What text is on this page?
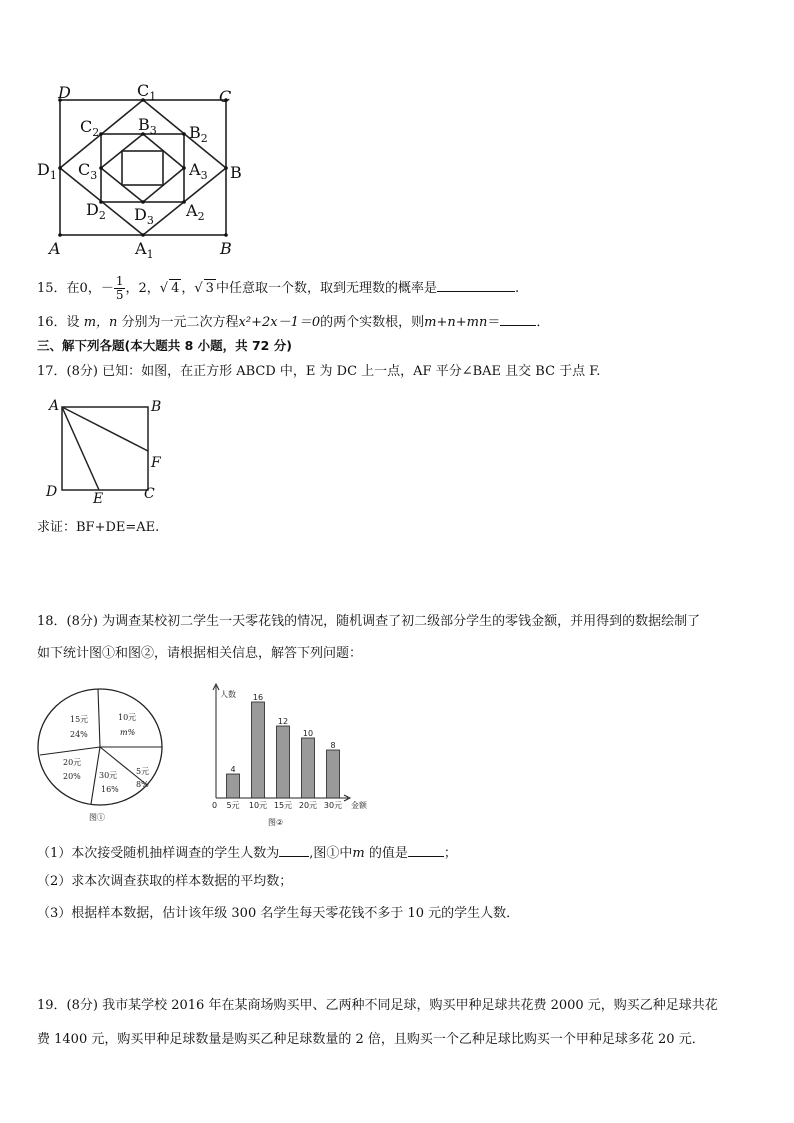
D	$C_1$	C
$C_2$ $B_3$ $B_2$
$D_1$ $C_3$	$A_3$ B
$D_2$ $D_3$
$A_2$
A	$A_1$	B
15．在0，－ $\frac{1}{5}$ ，2，√ 4 ，√ 3 中任意取一个数，取到无理数的概率是	.
16．设 m，n 分别为一元二次方程x²+2x－1＝0的两个实数根，则m+n+mn＝	．
三、解下列各题(本大题共 8 小题，共 72 分)
17．(8分) 已知：如图，在正方形 ABCD 中，E 为 DC 上一点，AF 平分∠BAE 且交 BC 于点 F.
A	B
F
D	E	C
求证：BF+DE=AE.
18．(8分) 为调查某校初二学生一天零花钱的情况，随机调查了初二级部分学生的零钱金额，并用得到的数据绘制了
如下统计图①和图②，请根据相关信息，解答下列问题：
10元
m%
5元
8%
30元
16%
20元
20%
15元
24%
图①
人数
金额
0
4
5元
16
10元
12
15元
10
20元
8
30元
图②
（1）本次接受随机抽样调查的学生人数为 ,图①中m 的值是	；
（2）求本次调查获取的样本数据的平均数；
（3）根据样本数据，估计该年级 300 名学生每天零花钱不多于 10 元的学生人数．
19．(8分) 我市某学校 2016 年在某商场购买甲、乙两种不同足球，购买甲种足球共花费 2000 元，购买乙种足球共花
费 1400 元，购买甲种足球数量是购买乙种足球数量的 2 倍，且购买一个乙种足球比购买一个甲种足球多花 20 元．
